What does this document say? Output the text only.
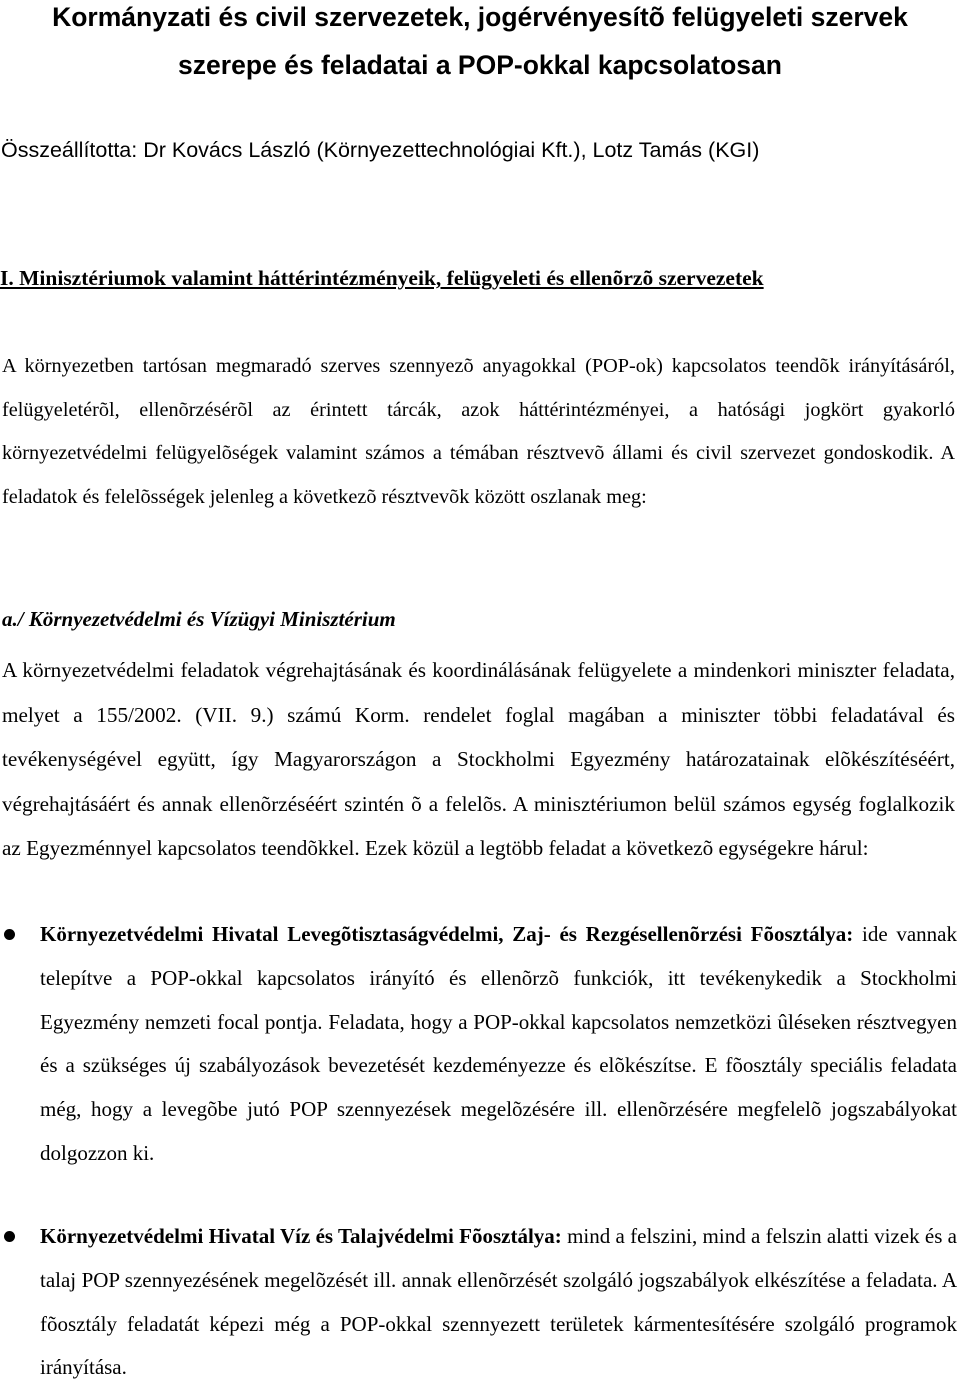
Kormányzati és civil szervezetek, jogérvényesítõ felügyeleti szervek
szerepe és feladatai a POP-okkal kapcsolatosan
Összeállította: Dr Kovács László (Környezettechnológiai Kft.), Lotz Tamás (KGI)
I. Minisztériumok valamint háttérintézményeik, felügyeleti és ellenõrzõ szervezetek
A környezetben tartósan megmaradó szerves szennyezõ anyagokkal (POP-ok) kapcsolatos teendõk irányításáról, felügyeletérõl, ellenõrzésérõl az érintett tárcák, azok háttérintézményei, a hatósági jogkört gyakorló környezetvédelmi felügyelõségek valamint számos a témában résztvevõ állami és civil szervezet gondoskodik. A feladatok és felelõsségek jelenleg a következõ résztvevõk között oszlanak meg:
a./ Környezetvédelmi és Vízügyi Minisztérium
A környezetvédelmi feladatok végrehajtásának és koordinálásának felügyelete a mindenkori miniszter feladata, melyet a 155/2002. (VII. 9.) számú Korm. rendelet foglal magában a miniszter többi feladatával és tevékenységével együtt, így Magyarországon a Stockholmi Egyezmény határozatainak elõkészítéséért, végrehajtásáért és annak ellenõrzéséért szintén õ a felelõs. A minisztériumon belül számos egység foglalkozik az Egyezménnyel kapcsolatos teendõkkel. Ezek közül a legtöbb feladat a következõ egységekre hárul:
Környezetvédelmi Hivatal Levegõtisztaságvédelmi, Zaj- és Rezgésellenõrzési Fõosztálya: ide vannak telepítve a POP-okkal kapcsolatos irányító és ellenõrzõ funkciók, itt tevékenykedik a Stockholmi Egyezmény nemzeti focal pontja. Feladata, hogy a POP-okkal kapcsolatos nemzetközi ûléseken résztvegyen és a szükséges új szabályozások bevezetését kezdeményezze és elõkészítse. E fõosztály speciális feladata még, hogy a levegõbe jutó POP szennyezések megelõzésére ill. ellenõrzésére megfelelõ jogszabályokat dolgozzon ki.
Környezetvédelmi Hivatal Víz és Talajvédelmi Fõosztálya: mind a felszini, mind a felszin alatti vizek és a talaj POP szennyezésének megelõzését ill. annak ellenõrzését szolgáló jogszabályok elkészítése a feladata. A fõosztály feladatát képezi még a POP-okkal szennyezett területek kármentesítésére szolgáló programok irányítása.
